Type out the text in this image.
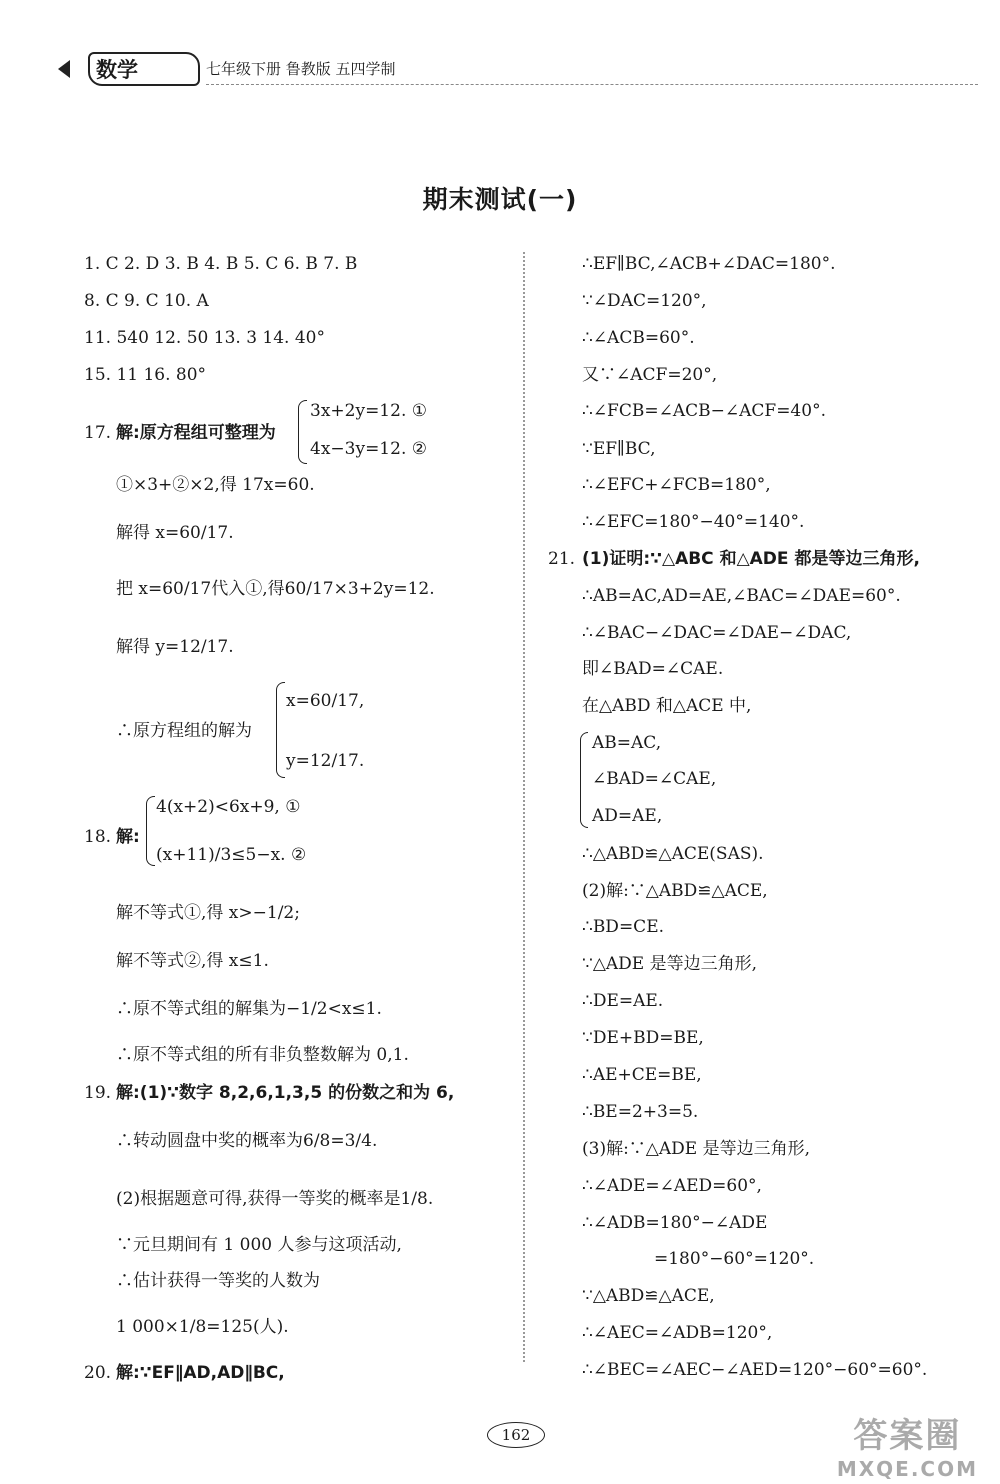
数学	七年级下册 鲁教版 五四学制
期末测试(一)
1. C 2. D 3. B 4. B 5. C 6. B 7. B
8. C 9. C 10. A
11. 540 12. 50 13. 3 14. 40°
15. 11 16. 80°
17. 解:原方程组可整理为
3x+2y=12. ①
4x−3y=12. ②
①×3+②×2,得 17x=60.
解得 x=60/17.
把 x=60/17代入①,得60/17×3+2y=12.
解得 y=12/17.
∴原方程组的解为
x=60/17,
y=12/17.
4(x+2)<6x+9, ①
18. 解:
(x+11)/3≤5−x. ②
解不等式①,得 x>−1/2;
解不等式②,得 x≤1.
∴原不等式组的解集为−1/2<x≤1.
∴原不等式组的所有非负整数解为 0,1.
19. 解:(1)∵数字 8,2,6,1,3,5 的份数之和为 6,
∴转动圆盘中奖的概率为6/8=3/4.
(2)根据题意可得,获得一等奖的概率是1/8.
∵元旦期间有 1 000 人参与这项活动,
∴估计获得一等奖的人数为
1 000×1/8=125(人).
20. 解:∵EF∥AD,AD∥BC,
∴EF∥BC,∠ACB+∠DAC=180°.
∵∠DAC=120°,
∴∠ACB=60°.
又∵∠ACF=20°,
∴∠FCB=∠ACB−∠ACF=40°.
∵EF∥BC,
∴∠EFC+∠FCB=180°,
∴∠EFC=180°−40°=140°.
21. (1)证明:∵△ABC 和△ADE 都是等边三角形,
∴AB=AC,AD=AE,∠BAC=∠DAE=60°.
∴∠BAC−∠DAC=∠DAE−∠DAC,
即∠BAD=∠CAE.
在△ABD 和△ACE 中,
AB=AC,
∠BAD=∠CAE,
AD=AE,
∴△ABD≌△ACE(SAS).
(2)解:∵△ABD≌△ACE,
∴BD=CE.
∵△ADE 是等边三角形,
∴DE=AE.
∵DE+BD=BE,
∴AE+CE=BE,
∴BE=2+3=5.
(3)解:∵△ADE 是等边三角形,
∴∠ADE=∠AED=60°,
∴∠ADB=180°−∠ADE
=180°−60°=120°.
∵△ABD≌△ACE,
∴∠AEC=∠ADB=120°,
∴∠BEC=∠AEC−∠AED=120°−60°=60°.
162	答案圈
MXQE.COM
